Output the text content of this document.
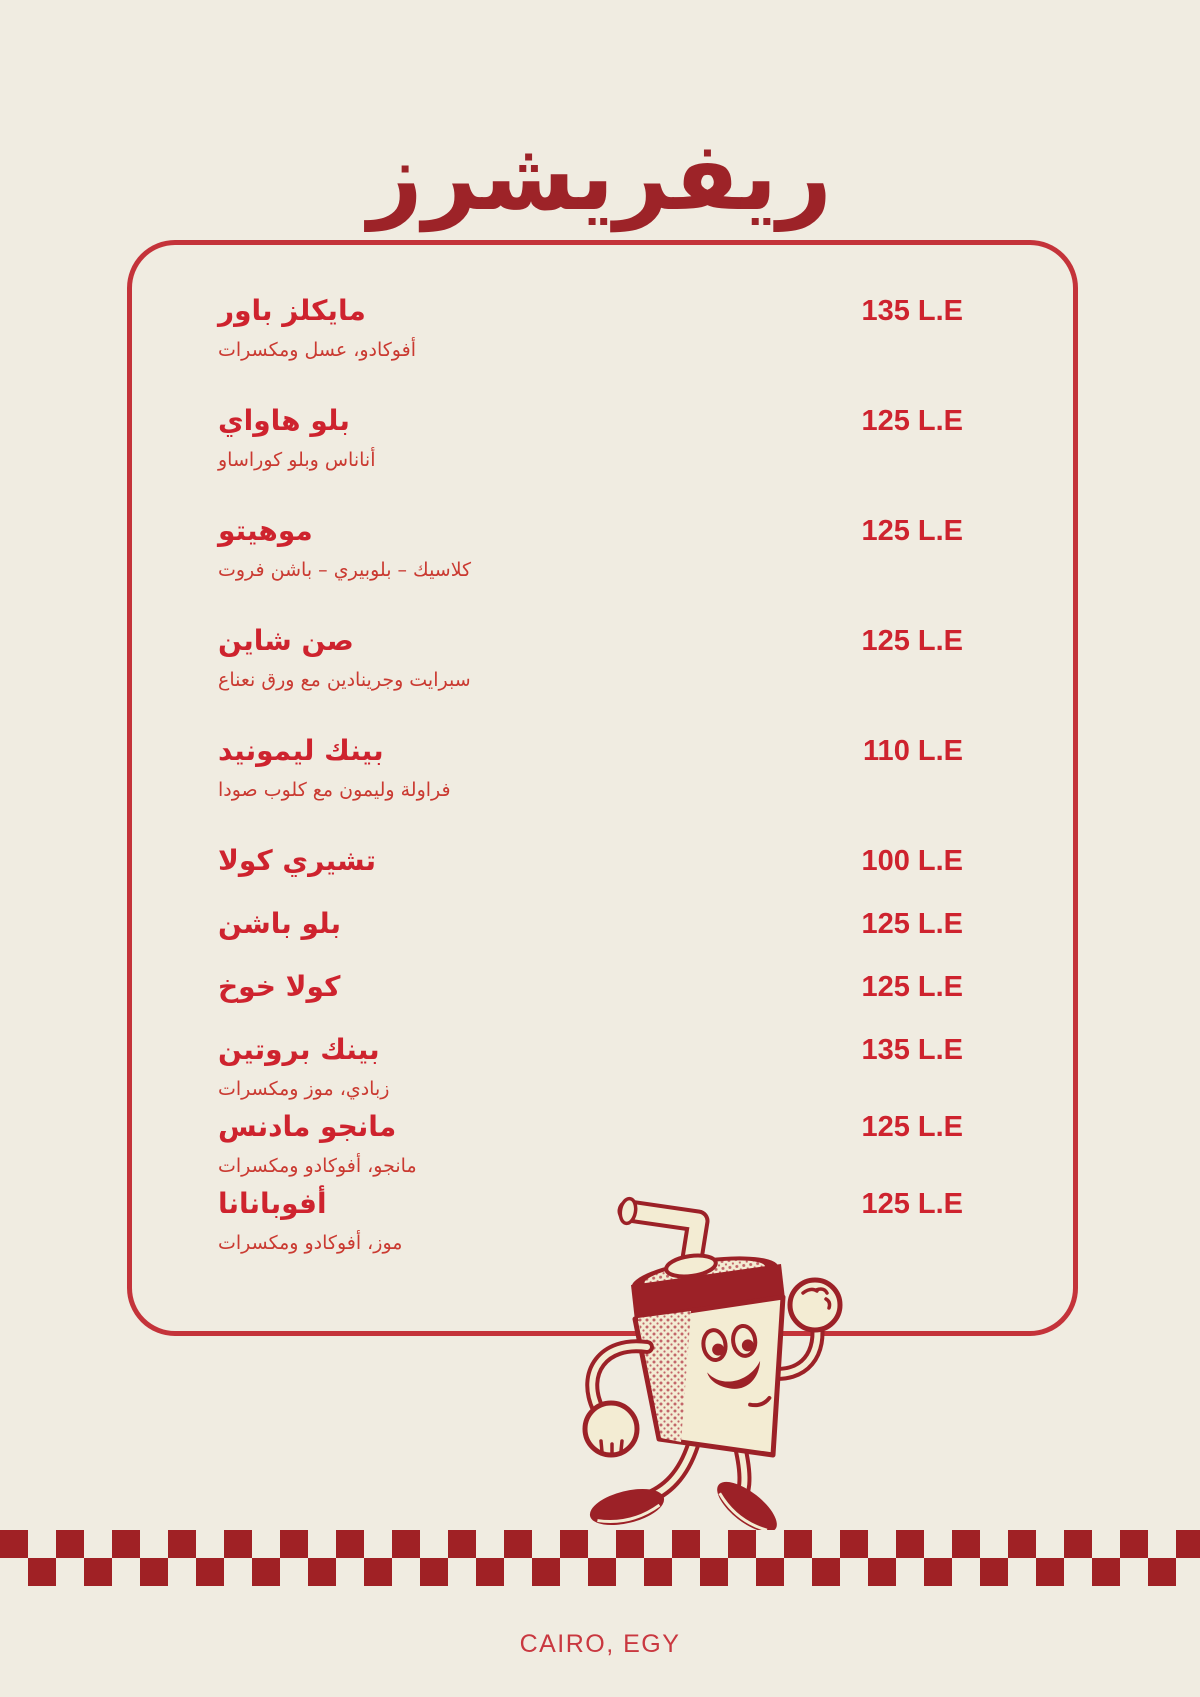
ريفريشرز
مايكلز باور
أفوكادو، عسل ومكسرات
135 L.E
بلو هاواي
أناناس وبلو كوراساو
125 L.E
موهيتو
كلاسيك – بلوبيري – باشن فروت
125 L.E
صن شاين
سبرايت وجرينادين مع ورق نعناع
125 L.E
بينك ليمونيد
فراولة وليمون مع كلوب صودا
110 L.E
تشيري كولا	100 L.E
بلو باشن	125 L.E
كولا خوخ	125 L.E
بينك بروتين
زبادي، موز ومكسرات
135 L.E
مانجو مادنس
مانجو، أفوكادو ومكسرات
125 L.E
أفوبانانا
موز، أفوكادو ومكسرات
125 L.E
CAIRO, EGY
